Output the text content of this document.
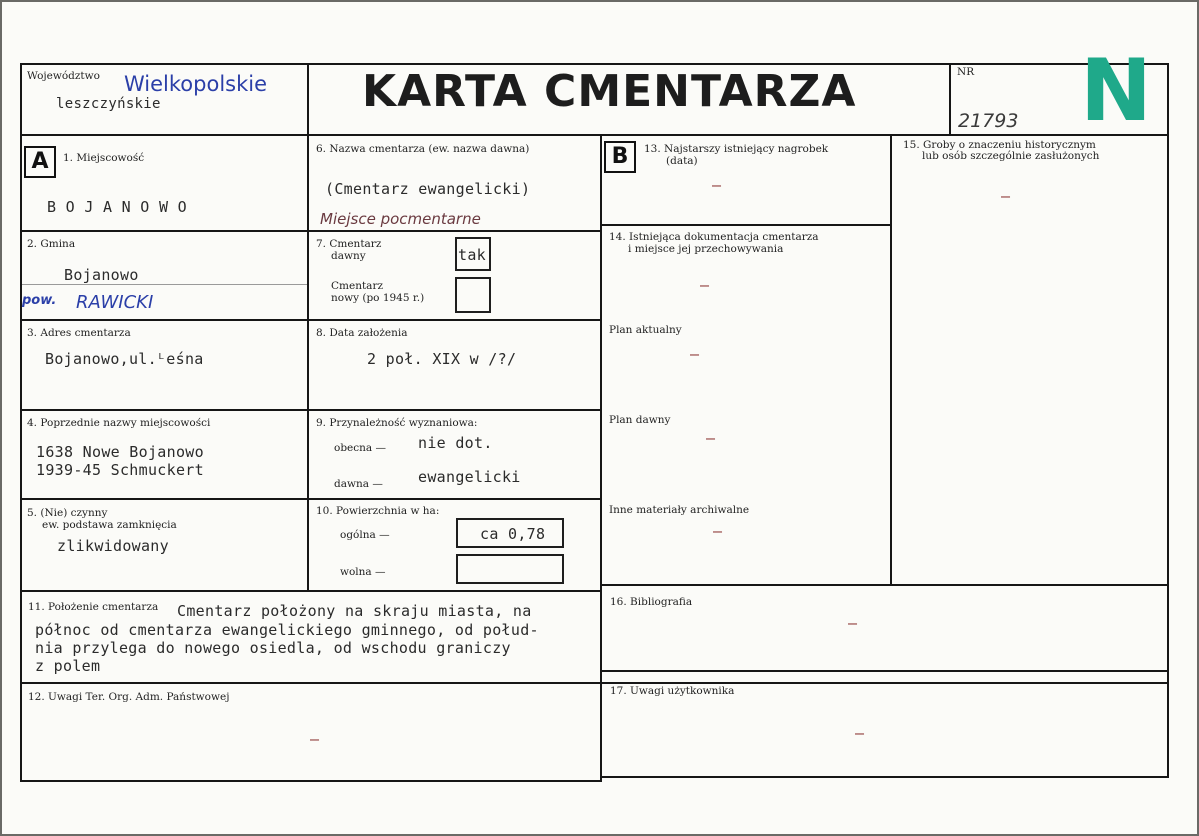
Województwo Wielkopolskie
leszczyńskie	KARTA CMENTARZA	NR
21793 N
A	B
1. Miejscowość
B O J A N O W O
2. Gmina
Bojanowo
pow. RAWICKI
3. Adres cmentarza
Bojanowo,ul.ᴸeśna
4. Poprzednie nazwy miejscowości
1638 Nowe Bojanowo
1939-45 Schmuckert
5. (Nie) czynny
ew. podstawa zamknięcia
zlikwidowany
6. Nazwa cmentarza (ew. nazwa dawna)
(Cmentarz ewangelicki)
Miejsce pocmentarne
7. Cmentarz
dawny	tak
Cmentarz
nowy (po 1945 r.)
8. Data założenia
2 poł. XIX w /?/
9. Przynależność wyznaniowa:
obecna — nie dot.
dawna — ewangelicki
10. Powierzchnia w ha:
ogólna —	ca 0,78
wolna —
11. Położenie cmentarza Cmentarz położony na skraju miasta, na
północ od cmentarza ewangelickiego gminnego, od połud-
nia przylega do nowego osiedla, od wschodu graniczy
z polem
12. Uwagi Ter. Org. Adm. Państwowej
–
13. Najstarszy istniejący nagrobek
(data)
–
14. Istniejąca dokumentacja cmentarza
i miejsce jej przechowywania
–
Plan aktualny
–
Plan dawny
–
Inne materiały archiwalne
–
15. Groby o znaczeniu historycznym
lub osób szczególnie zasłużonych
–
16. Bibliografia
–
17. Uwagi użytkownika
–
